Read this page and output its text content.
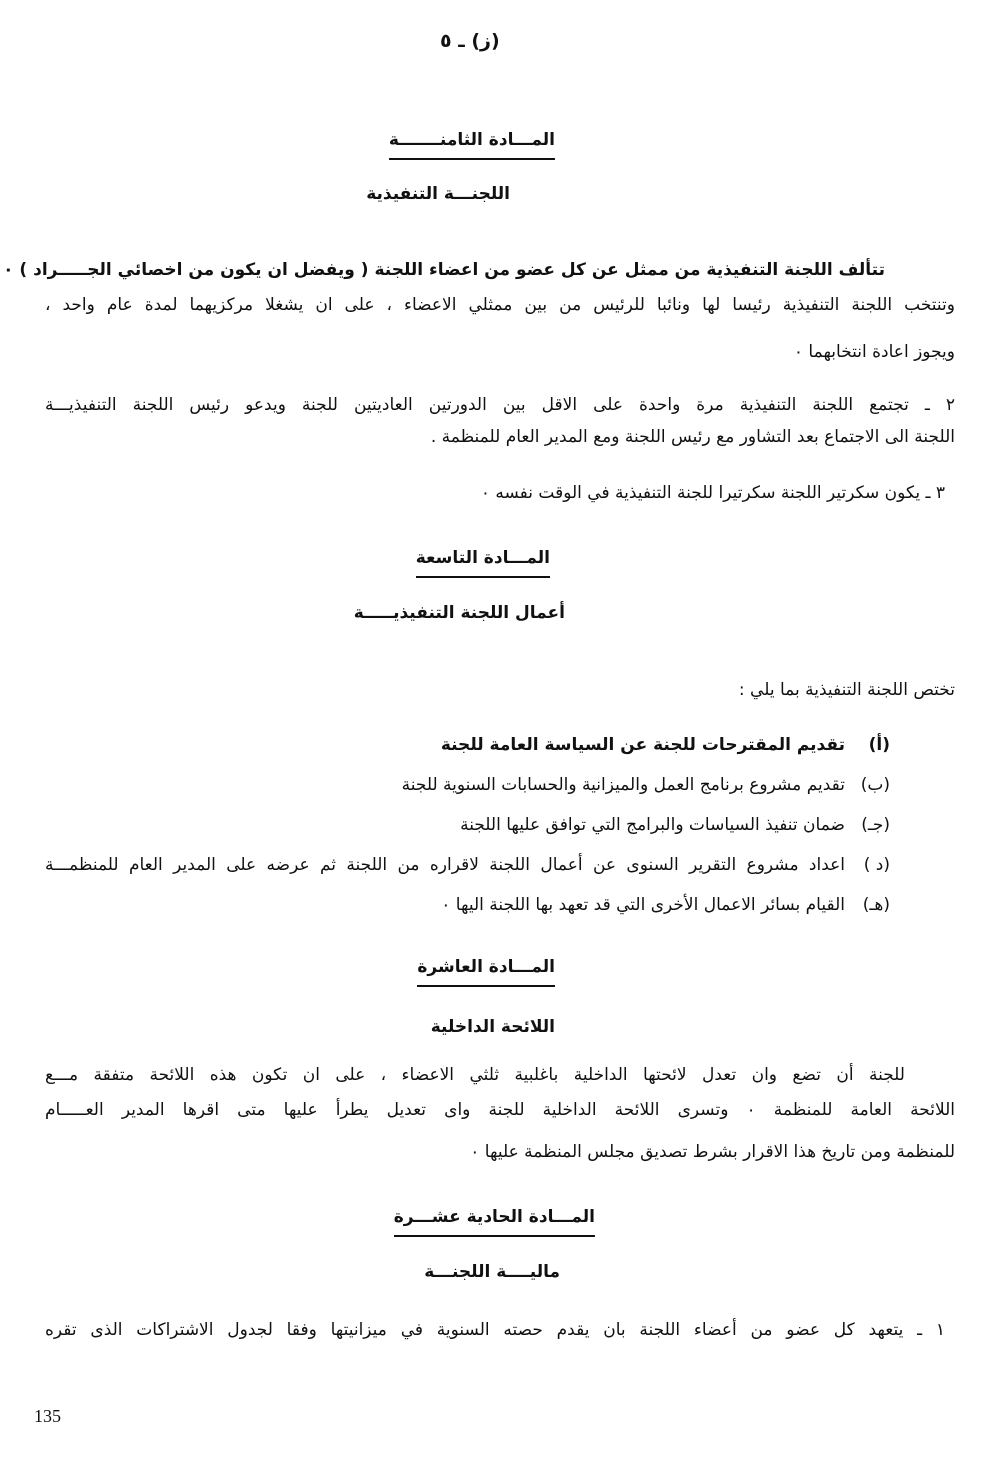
(ز) ـ ٥
المـــادة الثامنـــــــة
اللجنـــة التنفيذية
تتألف اللجنة التنفيذية من ممثل عن كل عضو من اعضاء اللجنة ( ويفضل ان يكون من اخصائي الجـــــراد ) ٠
وتنتخب اللجنة التنفيذية رئيسا لها ونائبا للرئيس من بين ممثلي الاعضاء ، على ان يشغلا مركزيهما لمدة عام واحد ،
ويجوز اعادة انتخابهما ٠
٢ ـ تجتمع اللجنة التنفيذية مرة واحدة على الاقل بين الدورتين العاديتين للجنة ويدعو رئيس اللجنة التنفيذيـــة
اللجنة الى الاجتماع بعد التشاور مع رئيس اللجنة ومع المدير العام للمنظمة .
٣ ـ يكون سكرتير اللجنة سكرتيرا للجنة التنفيذية في الوقت نفسه ٠
المـــادة التاسعة
أعمال اللجنة التنفيذيـــــة
تختص اللجنة التنفيذية بما يلي :
(أ)
تقديم المقترحات للجنة عن السياسة العامة للجنة
(ب)
تقديم مشروع برنامج العمل والميزانية والحسابات السنوية للجنة
(جـ)
ضمان تنفيذ السياسات والبرامج التي توافق عليها اللجنة
(د )
اعداد مشروع التقرير السنوى عن أعمال اللجنة لاقراره من اللجنة ثم عرضه على المدير العام للمنظمـــة
(هـ)
القيام بسائر الاعمال الأخرى التي قد تعهد بها اللجنة اليها ٠
المـــادة العاشرة
اللائحة الداخلية
للجنة أن تضع وان تعدل لائحتها الداخلية باغلبية ثلثي الاعضاء ، على ان تكون هذه اللائحة متفقة مـــع
اللائحة العامة للمنظمة ٠ وتسرى اللائحة الداخلية للجنة واى تعديل يطرأ عليها متى اقرها المدير العـــــام
للمنظمة ومن تاريخ هذا الاقرار بشرط تصديق مجلس المنظمة عليها ٠
المـــادة الحادية عشـــرة
ماليــــة اللجنـــة
١ ـ يتعهد كل عضو من أعضاء اللجنة بان يقدم حصته السنوية في ميزانيتها وفقا لجدول الاشتراكات الذى تقره
135
